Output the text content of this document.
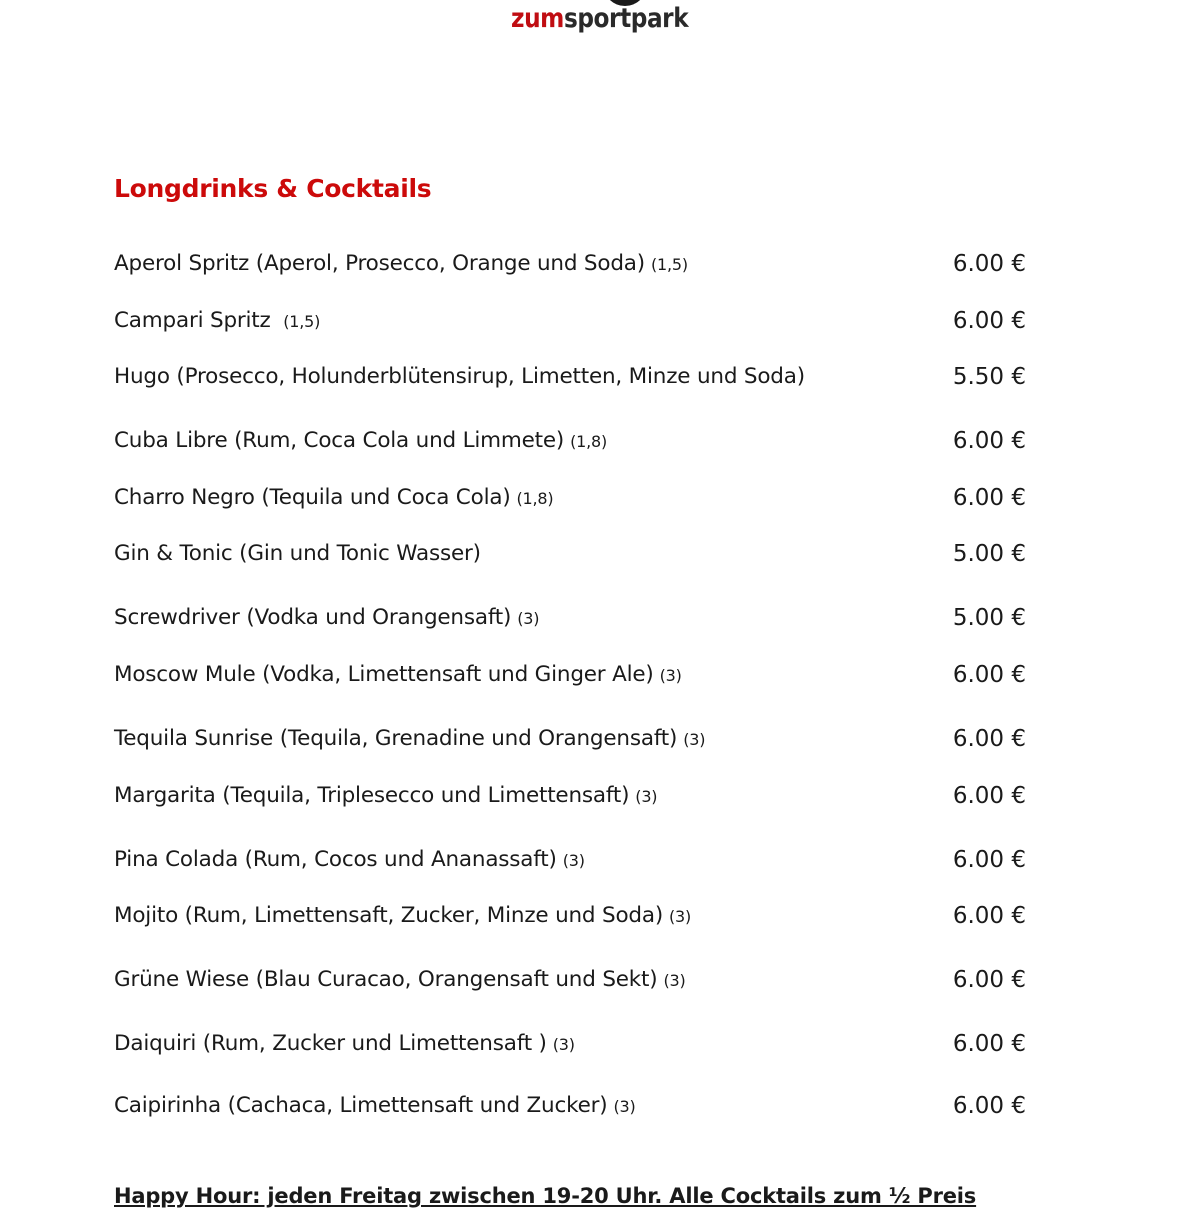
zumsportpark
Longdrinks & Cocktails
Aperol Spritz (Aperol, Prosecco, Orange und Soda) (1,5)	6.00 €
Campari Spritz (1,5)	6.00 €
Hugo (Prosecco, Holunderblütensirup, Limetten, Minze und Soda)	5.50 €
Cuba Libre (Rum, Coca Cola und Limmete) (1,8)	6.00 €
Charro Negro (Tequila und Coca Cola) (1,8)	6.00 €
Gin & Tonic (Gin und Tonic Wasser)	5.00 €
Screwdriver (Vodka und Orangensaft) (3)	5.00 €
Moscow Mule (Vodka, Limettensaft und Ginger Ale) (3)	6.00 €
Tequila Sunrise (Tequila, Grenadine und Orangensaft) (3)	6.00 €
Margarita (Tequila, Triplesecco und Limettensaft) (3)	6.00 €
Pina Colada (Rum, Cocos und Ananassaft) (3)	6.00 €
Mojito (Rum, Limettensaft, Zucker, Minze und Soda) (3)	6.00 €
Grüne Wiese (Blau Curacao, Orangensaft und Sekt) (3)	6.00 €
Daiquiri (Rum, Zucker und Limettensaft ) (3)	6.00 €
Caipirinha (Cachaca, Limettensaft und Zucker) (3)	6.00 €
Happy Hour: jeden Freitag zwischen 19-20 Uhr. Alle Cocktails zum ½ Preis
